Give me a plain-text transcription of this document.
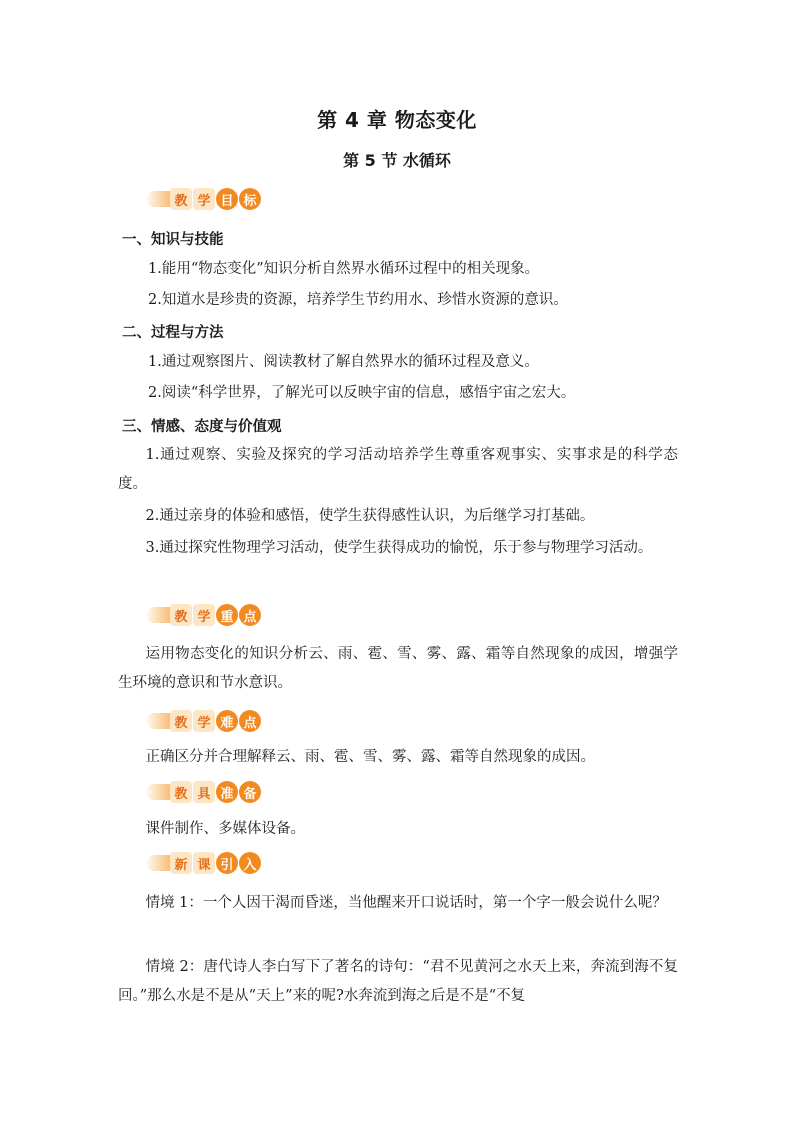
第 4 章 物态变化
第 5 节 水循环
教 学 目 标
一、知识与技能
1.能用“物态变化”知识分析自然界水循环过程中的相关现象。
2.知道水是珍贵的资源，培养学生节约用水、珍惜水资源的意识。
二、过程与方法
1.通过观察图片、阅读教材了解自然界水的循环过程及意义。
2.阅读“科学世界，了解光可以反映宇宙的信息，感悟宇宙之宏大。
三、情感、态度与价值观

1.通过观察、实验及探究的学习活动培养学生尊重客观事实、实事求是的科学态度。

2.通过亲身的体验和感悟，使学生获得感性认识，为后继学习打基础。

3.通过探究性物理学习活动，使学生获得成功的愉悦，乐于参与物理学习活动。

教 学 重 点

运用物态变化的知识分析云、雨、雹、雪、雾、露、霜等自然现象的成因，增强学生环境的意识和节水意识。

教 学 难 点

正确区分并合理解释云、雨、雹、雪、雾、露、霜等自然现象的成因。

教 具 准 备

课件制作、多媒体设备。

新 课 引 入

情境 1：一个人因干渴而昏迷，当他醒来开口说话时，第一个字一般会说什么呢？

情境 2：唐代诗人李白写下了著名的诗句：“君不见黄河之水天上来，奔流到海不复回。”那么水是不是从“天上”来的呢?水奔流到海之后是不是“不复
